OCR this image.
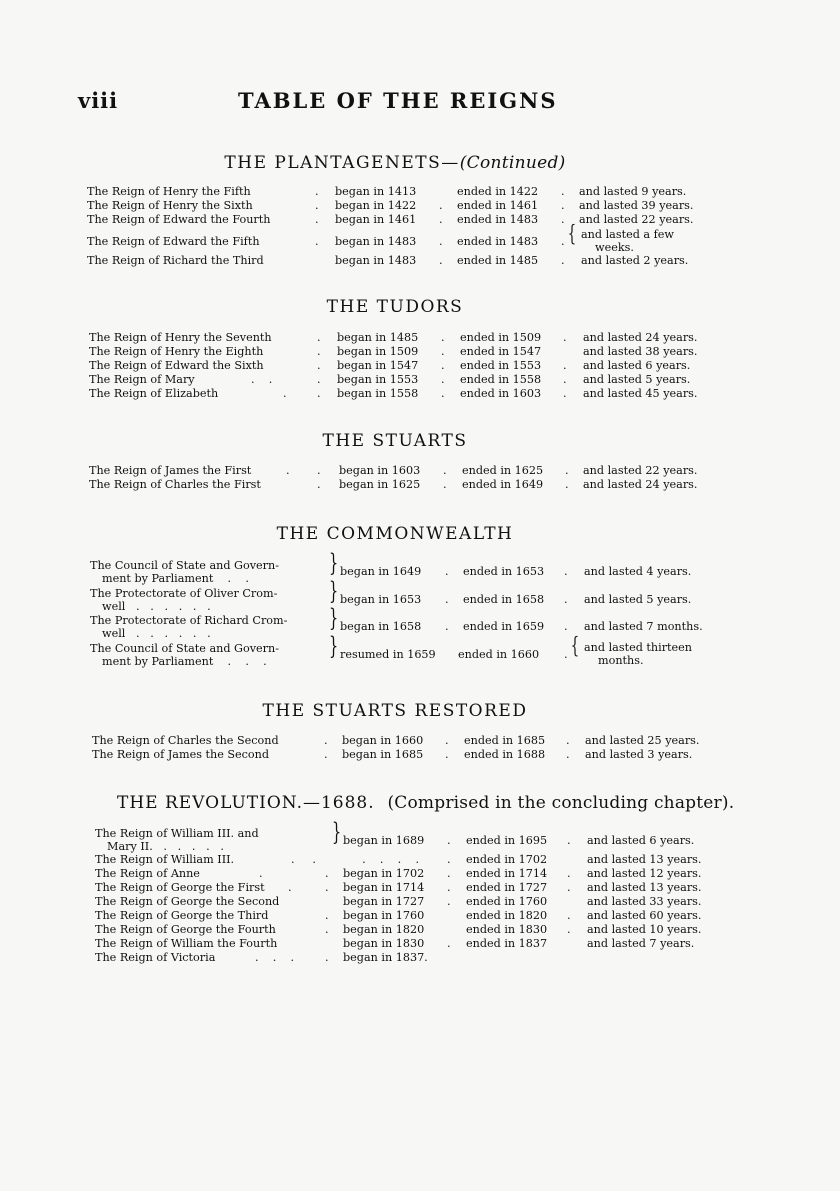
viii	TABLE OF THE REIGNS
THE PLANTAGENETS—(Continued)
The Reign of Henry the Fifth	. began in 1413	ended in 1422 . and lasted 9 years.
The Reign of Henry the Sixth	. began in 1422 . ended in 1461 . and lasted 39 years.
The Reign of Edward the Fourth	. began in 1461 . ended in 1483 . and lasted 22 years.
The Reign of Edward the Fifth	. began in 1483 . ended in 1483 . { and lasted a few
weeks.
The Reign of Richard the Third	began in 1483 . ended in 1485 . and lasted 2 years.
THE TUDORS
The Reign of Henry the Seventh	. began in 1485 . ended in 1509 . and lasted 24 years.
The Reign of Henry the Eighth	. began in 1509 . ended in 1547	and lasted 38 years.
The Reign of Edward the Sixth	. began in 1547 . ended in 1553 . and lasted 6 years.
The Reign of Mary	.    .	. began in 1553 . ended in 1558 . and lasted 5 years.
The Reign of Elizabeth	.	. began in 1558 . ended in 1603 . and lasted 45 years.
THE STUARTS
The Reign of James the First	. . began in 1603 . ended in 1625 . and lasted 22 years.
The Reign of Charles the First	. began in 1625 . ended in 1649 . and lasted 24 years.
THE COMMONWEALTH
The Council of State and Govern-
ment by Parliament    .    .
} began in 1649 . ended in 1653 . and lasted 4 years.
The Protectorate of Oliver Crom-
well   .   .   .   .   .   .
} began in 1653 . ended in 1658 . and lasted 5 years.
The Protectorate of Richard Crom-
well   .   .   .   .   .   .
} began in 1658 . ended in 1659 . and lasted 7 months.
The Council of State and Govern-
ment by Parliament    .    .    .
} resumed in 1659 ended in 1660 . { and lasted thirteen
months.
THE STUARTS RESTORED
The Reign of Charles the Second	. began in 1660 . ended in 1685 . and lasted 25 years.
The Reign of James the Second	. began in 1685 . ended in 1688 . and lasted 3 years.
THE REVOLUTION.—1688. (Comprised in the concluding chapter).
The Reign of William III. and
Mary II.   .   .   .   .   .
} began in 1689 . ended in 1695 . and lasted 6 years.
The Reign of William III.	.     .             .    .    .    . . ended in 1702	and lasted 13 years.
The Reign of Anne	.	. began in 1702 . ended in 1714 . and lasted 12 years.
The Reign of George the First .	. began in 1714 . ended in 1727 . and lasted 13 years.
The Reign of George the Second	began in 1727 . ended in 1760	and lasted 33 years.
The Reign of George the Third	. began in 1760	ended in 1820 . and lasted 60 years.
The Reign of George the Fourth	. began in 1820	ended in 1830 . and lasted 10 years.
The Reign of William the Fourth	began in 1830 . ended in 1837	and lasted 7 years.
The Reign of Victoria	.    .    .	. began in 1837.
